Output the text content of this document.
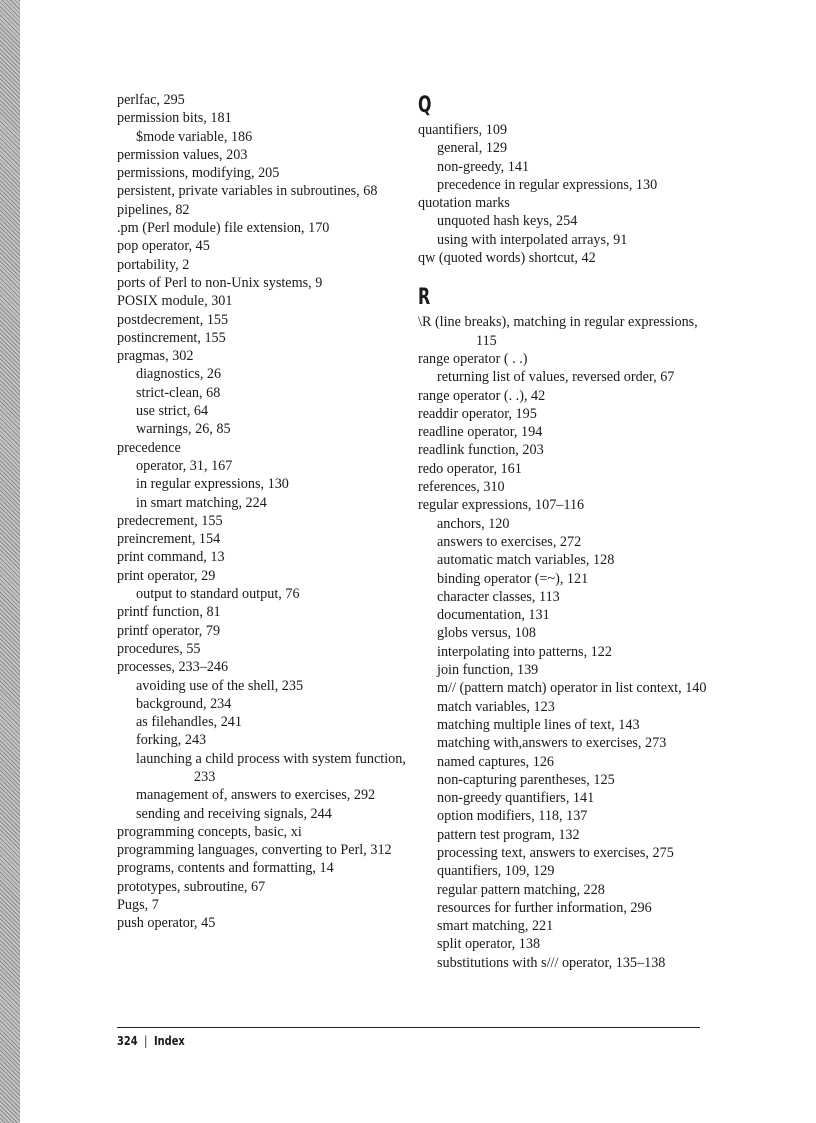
perlfac, 295
permission bits, 181
$mode variable, 186
permission values, 203
permissions, modifying, 205
persistent, private variables in subroutines, 68
pipelines, 82
.pm (Perl module) file extension, 170
pop operator, 45
portability, 2
ports of Perl to non-Unix systems, 9
POSIX module, 301
postdecrement, 155
postincrement, 155
pragmas, 302
diagnostics, 26
strict-clean, 68
use strict, 64
warnings, 26, 85
precedence
operator, 31, 167
in regular expressions, 130
in smart matching, 224
predecrement, 155
preincrement, 154
print command, 13
print operator, 29
output to standard output, 76
printf function, 81
printf operator, 79
procedures, 55
processes, 233–246
avoiding use of the shell, 235
background, 234
as filehandles, 241
forking, 243
launching a child process with system function, 233
management of, answers to exercises, 292
sending and receiving signals, 244
programming concepts, basic, xi
programming languages, converting to Perl, 312
programs, contents and formatting, 14
prototypes, subroutine, 67
Pugs, 7
push operator, 45
Q
quantifiers, 109
general, 129
non-greedy, 141
precedence in regular expressions, 130
quotation marks
unquoted hash keys, 254
using with interpolated arrays, 91
qw (quoted words) shortcut, 42
R
\R (line breaks), matching in regular expressions, 115
range operator ( . .)
returning list of values, reversed order, 67
range operator (. .), 42
readdir operator, 195
readline operator, 194
readlink function, 203
redo operator, 161
references, 310
regular expressions, 107–116
anchors, 120
answers to exercises, 272
automatic match variables, 128
binding operator (=~), 121
character classes, 113
documentation, 131
globs versus, 108
interpolating into patterns, 122
join function, 139
m// (pattern match) operator in list context, 140
match variables, 123
matching multiple lines of text, 143
matching with,answers to exercises, 273
named captures, 126
non-capturing parentheses, 125
non-greedy quantifiers, 141
option modifiers, 118, 137
pattern test program, 132
processing text, answers to exercises, 275
quantifiers, 109, 129
regular pattern matching, 228
resources for further information, 296
smart matching, 221
split operator, 138
substitutions with s/// operator, 135–138
324 | Index
